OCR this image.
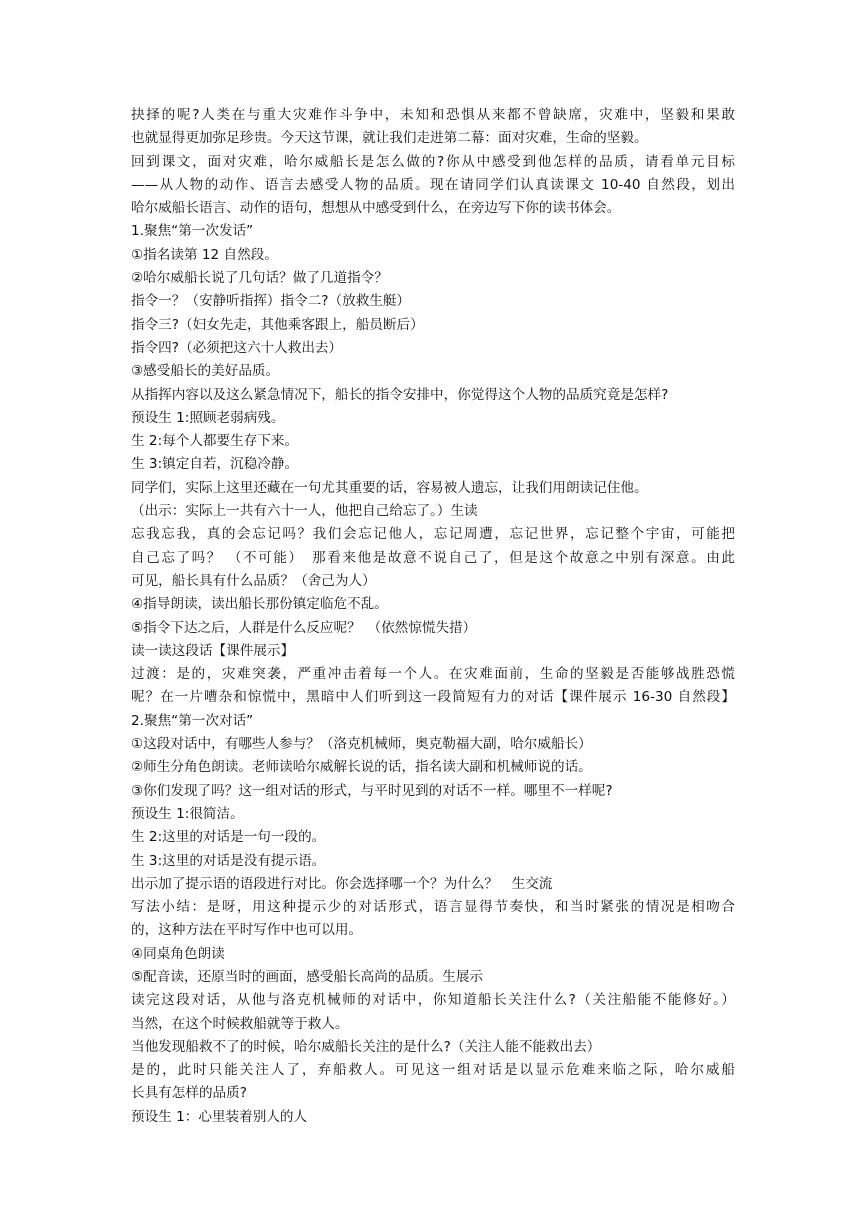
抉择的呢?人类在与重大灾难作斗争中，未知和恐惧从来都不曾缺席，灾难中，坚毅和果敢
也就显得更加弥足珍贵。今天这节课，就让我们走进第二幕：面对灾难，生命的坚毅。
回到课文，面对灾难，哈尔威船长是怎么做的?你从中感受到他怎样的品质，请看单元目标
——从人物的动作、语言去感受人物的品质。现在请同学们认真读课文 10-40 自然段，划出
哈尔威船长语言、动作的语句，想想从中感受到什么，在旁边写下你的读书体会。
1.聚焦“第一次发话”
①指名读第 12 自然段。
②哈尔威船长说了几句话？做了几道指令？
指令一？（安静听指挥）指令二?（放救生艇）
指令三?（妇女先走，其他乘客跟上，船员断后）
指令四?（必须把这六十人救出去）
③感受船长的美好品质。
从指挥内容以及这么紧急情况下，船长的指令安排中，你觉得这个人物的品质究竟是怎样?
预设生 1:照顾老弱病残。
生 2:每个人都要生存下来。
生 3:镇定自若，沉稳冷静。
同学们，实际上这里还藏在一句尤其重要的话，容易被人遗忘，让我们用朗读记住他。
（出示：实际上一共有六十一人，他把自己给忘了。）生读
忘我忘我，真的会忘记吗？我们会忘记他人，忘记周遭，忘记世界，忘记整个宇宙，可能把
自己忘了吗？ （不可能）　那看来他是故意不说自己了，但是这个故意之中别有深意。由此
可见，船长具有什么品质？（舍己为人）
④指导朗读，读出船长那份镇定临危不乱。
⑤指令下达之后，人群是什么反应呢？　（依然惊慌失措）
读一读这段话【课件展示】
过渡：是的，灾难突袭，严重冲击着每一个人。在灾难面前，生命的坚毅是否能够战胜恐慌
呢？在一片嘈杂和惊慌中，黑暗中人们听到这一段简短有力的对话【课件展示 16-30 自然段】
2.聚焦“第一次对话”
①这段对话中，有哪些人参与？（洛克机械师，奥克勒福大副，哈尔威船长）
②师生分角色朗读。老师读哈尔威解长说的话，指名读大副和机械师说的话。
③你们发现了吗？这一组对话的形式，与平时见到的对话不一样。哪里不一样呢?
预设生 1:很简洁。
生 2:这里的对话是一句一段的。
生 3:这里的对话是没有提示语。
出示加了提示语的语段进行对比。你会选择哪一个？为什么？　生交流
写法小结：是呀，用这种提示少的对话形式，语言显得节奏快，和当时紧张的情况是相吻合
的，这种方法在平时写作中也可以用。
④同桌角色朗读
⑤配音读，还原当时的画面，感受船长高尚的品质。生展示
读完这段对话，从他与洛克机械师的对话中，你知道船长关注什么?（关注船能不能修好。）
当然，在这个时候救船就等于救人。
当他发现船救不了的时候，哈尔威船长关注的是什么?（关注人能不能救出去）
是的，此时只能关注人了，弃船救人。可见这一组对话是以显示危难来临之际，哈尔威船
长具有怎样的品质?
预设生 1：心里装着别人的人
